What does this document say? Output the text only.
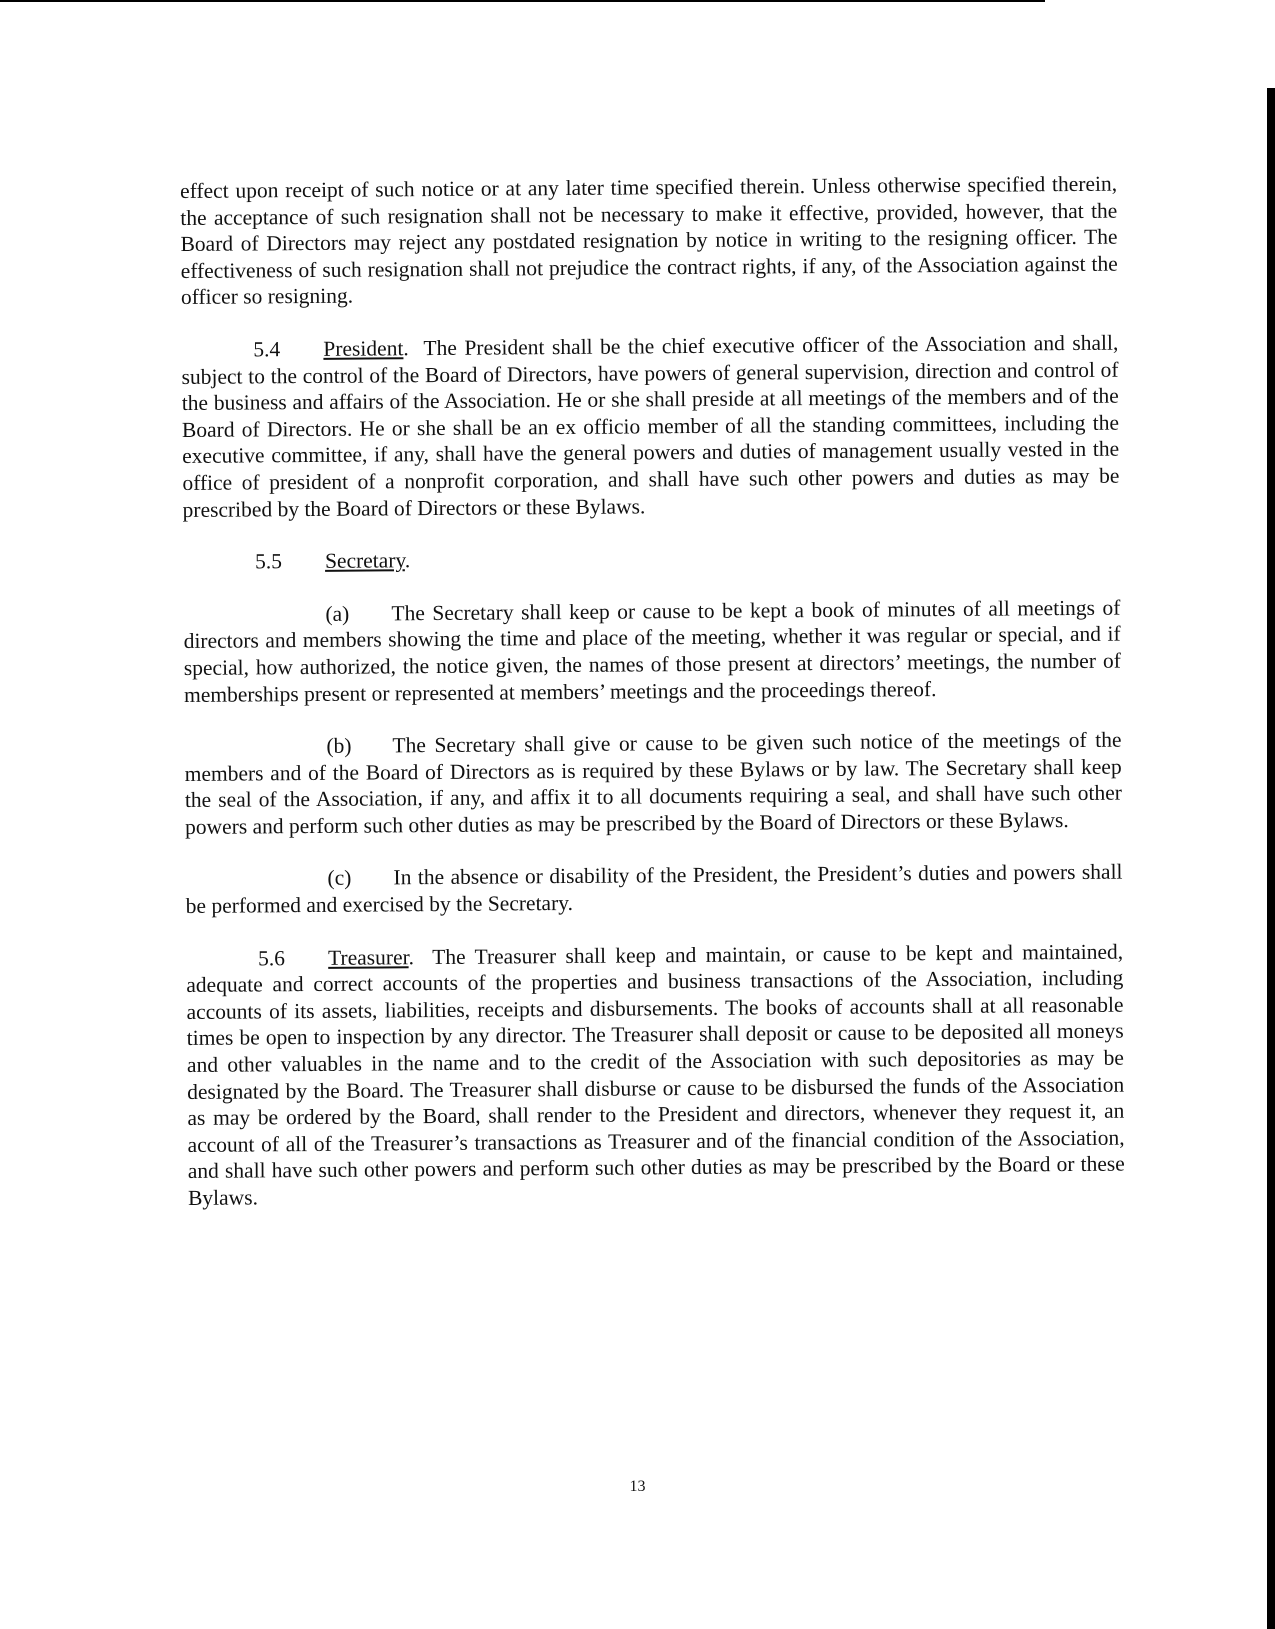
effect upon receipt of such notice or at any later time specified therein. Unless otherwise specified therein, the acceptance of such resignation shall not be necessary to make it effective, provided, however, that the Board of Directors may reject any postdated resignation by notice in writing to the resigning officer. The effectiveness of such resignation shall not prejudice the contract rights, if any, of the Association against the officer so resigning.

5.4 President.  The President shall be the chief executive officer of the Association and shall, subject to the control of the Board of Directors, have powers of general supervision, direction and control of the business and affairs of the Association. He or she shall preside at all meetings of the members and of the Board of Directors. He or she shall be an ex officio member of all the standing committees, including the executive committee, if any, shall have the general powers and duties of management usually vested in the office of president of a nonprofit corporation, and shall have such other powers and duties as may be prescribed by the Board of Directors or these Bylaws.

5.5 Secretary.

(a) The Secretary shall keep or cause to be kept a book of minutes of all meetings of directors and members showing the time and place of the meeting, whether it was regular or special, and if special, how authorized, the notice given, the names of those present at directors’ meetings, the number of memberships present or represented at members’ meetings and the proceedings thereof.

(b) The Secretary shall give or cause to be given such notice of the meetings of the members and of the Board of Directors as is required by these Bylaws or by law. The Secretary shall keep the seal of the Association, if any, and affix it to all documents requiring a seal, and shall have such other powers and perform such other duties as may be prescribed by the Board of Directors or these Bylaws.

(c) In the absence or disability of the President, the President’s duties and powers shall be performed and exercised by the Secretary.

5.6 Treasurer.  The Treasurer shall keep and maintain, or cause to be kept and maintained, adequate and correct accounts of the properties and business transactions of the Association, including accounts of its assets, liabilities, receipts and disbursements. The books of accounts shall at all reasonable times be open to inspection by any director. The Treasurer shall deposit or cause to be deposited all moneys and other valuables in the name and to the credit of the Association with such depositories as may be designated by the Board. The Treasurer shall disburse or cause to be disbursed the funds of the Association as may be ordered by the Board, shall render to the President and directors, whenever they request it, an account of all of the Treasurer’s transactions as Treasurer and of the financial condition of the Association, and shall have such other powers and perform such other duties as may be prescribed by the Board or these Bylaws.

13
